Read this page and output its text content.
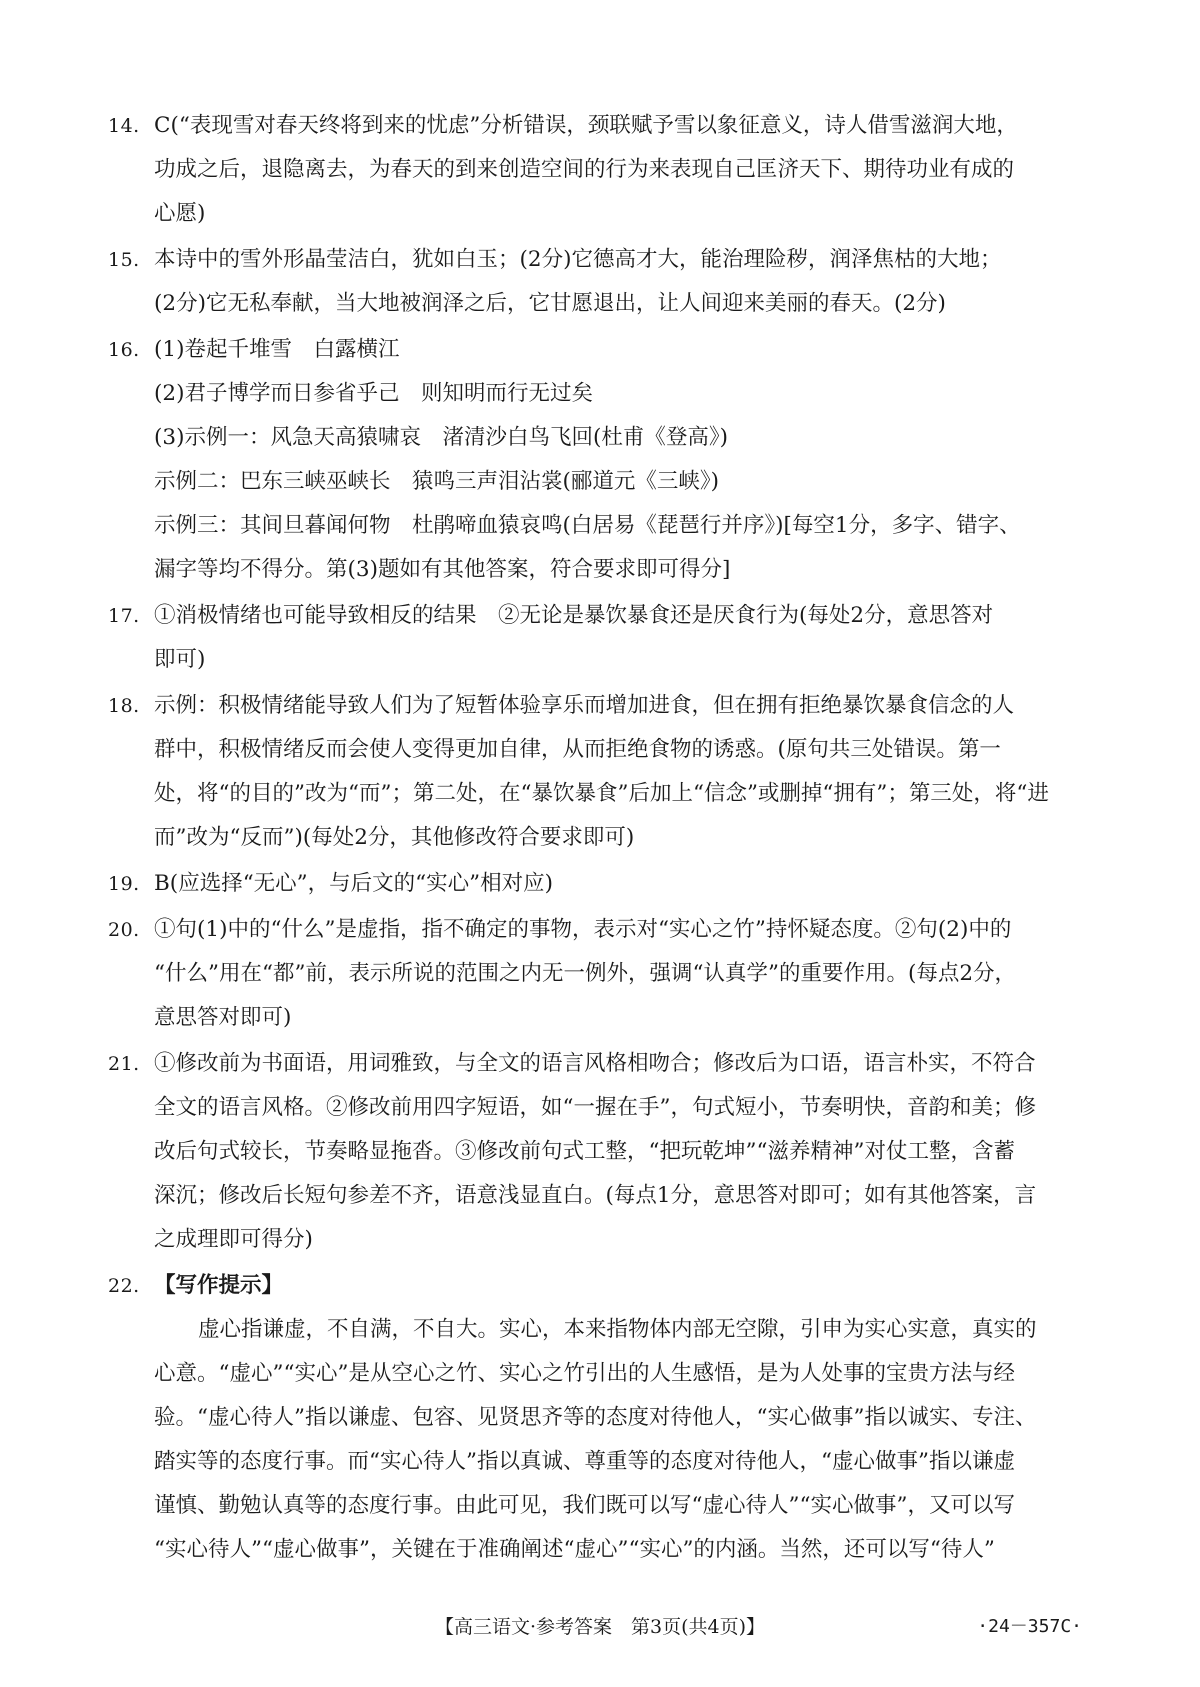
14. C(“表现雪对春天终将到来的忧虑”分析错误，颈联赋予雪以象征意义，诗人借雪滋润大地，

功成之后，退隐离去，为春天的到来创造空间的行为来表现自己匡济天下、期待功业有成的

心愿)

15. 本诗中的雪外形晶莹洁白，犹如白玉；(2分)它德高才大，能治理险秽，润泽焦枯的大地；

(2分)它无私奉献，当大地被润泽之后，它甘愿退出，让人间迎来美丽的春天。(2分)

16. (1)卷起千堆雪　白露横江

(2)君子博学而日参省乎己　则知明而行无过矣

(3)示例一：风急天高猿啸哀　渚清沙白鸟飞回(杜甫《登高》)

示例二：巴东三峡巫峡长　猿鸣三声泪沾裳(郦道元《三峡》)

示例三：其间旦暮闻何物　杜鹃啼血猿哀鸣(白居易《琵琶行并序》)[每空1分，多字、错字、

漏字等均不得分。第(3)题如有其他答案，符合要求即可得分]

17. ①消极情绪也可能导致相反的结果　②无论是暴饮暴食还是厌食行为(每处2分，意思答对

即可)

18. 示例：积极情绪能导致人们为了短暂体验享乐而增加进食，但在拥有拒绝暴饮暴食信念的人

群中，积极情绪反而会使人变得更加自律，从而拒绝食物的诱惑。(原句共三处错误。第一

处，将“的目的”改为“而”；第二处，在“暴饮暴食”后加上“信念”或删掉“拥有”；第三处，将“进

而”改为“反而”)(每处2分，其他修改符合要求即可)

19. B(应选择“无心”，与后文的“实心”相对应)

20. ①句(1)中的“什么”是虚指，指不确定的事物，表示对“实心之竹”持怀疑态度。②句(2)中的

“什么”用在“都”前，表示所说的范围之内无一例外，强调“认真学”的重要作用。(每点2分，

意思答对即可)

21. ①修改前为书面语，用词雅致，与全文的语言风格相吻合；修改后为口语，语言朴实，不符合

全文的语言风格。②修改前用四字短语，如“一握在手”，句式短小，节奏明快，音韵和美；修

改后句式较长，节奏略显拖沓。③修改前句式工整，“把玩乾坤”“滋养精神”对仗工整，含蓄

深沉；修改后长短句参差不齐，语意浅显直白。(每点1分，意思答对即可；如有其他答案，言

之成理即可得分)

22. 【写作提示】

虚心指谦虚，不自满，不自大。实心，本来指物体内部无空隙，引申为实心实意，真实的

心意。“虚心”“实心”是从空心之竹、实心之竹引出的人生感悟，是为人处事的宝贵方法与经

验。“虚心待人”指以谦虚、包容、见贤思齐等的态度对待他人，“实心做事”指以诚实、专注、

踏实等的态度行事。而“实心待人”指以真诚、尊重等的态度对待他人，“虚心做事”指以谦虚

谨慎、勤勉认真等的态度行事。由此可见，我们既可以写“虚心待人”“实心做事”，又可以写

“实心待人”“虚心做事”，关键在于准确阐述“虚心”“实心”的内涵。当然，还可以写“待人”

【高三语文·参考答案　第3页(共4页)】	·24－357C·
